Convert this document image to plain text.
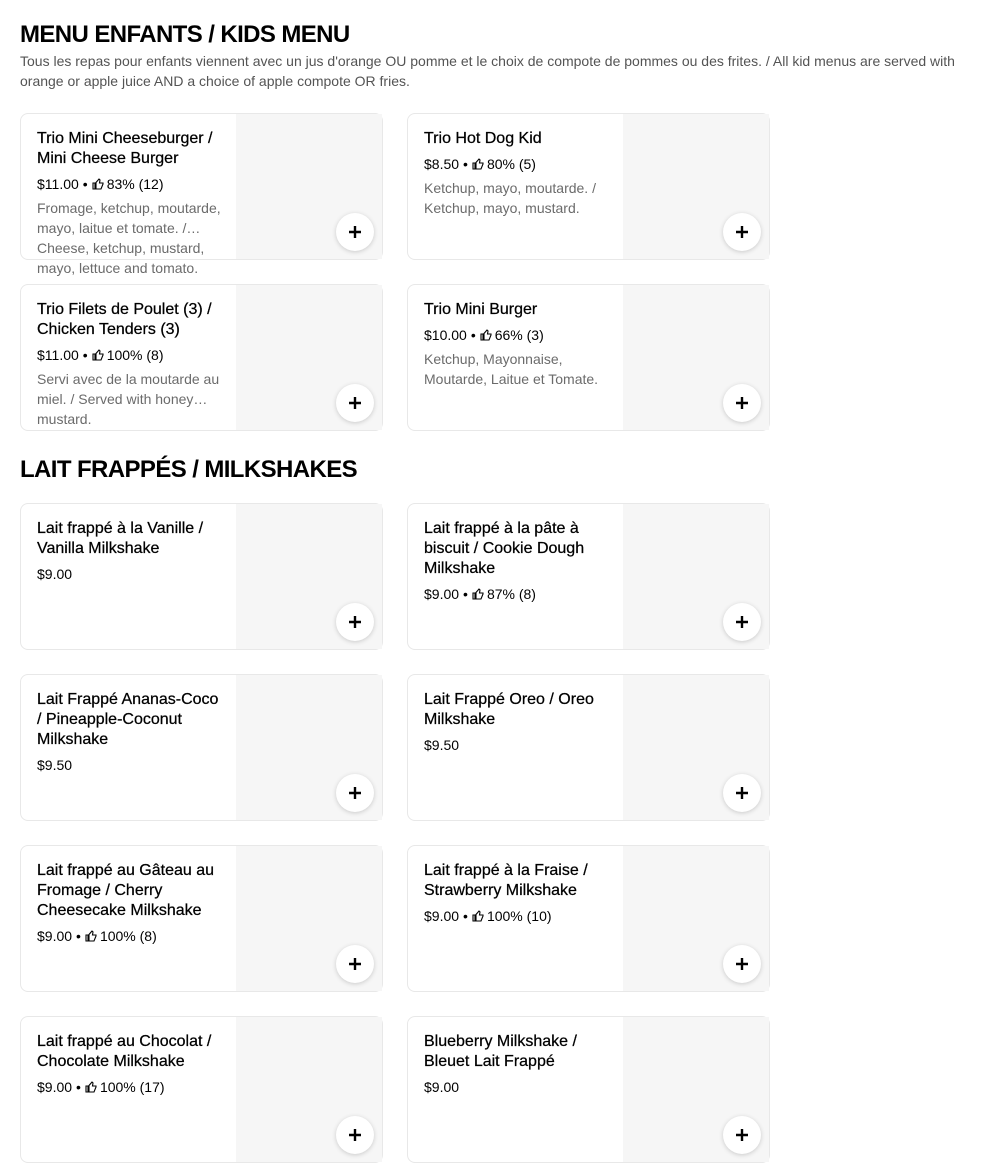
MENU ENFANTS / KIDS MENU
Tous les repas pour enfants viennent avec un jus d'orange OU pomme et le choix de compote de pommes ou des frites. / All kid menus are served with orange or apple juice AND a choice of apple compote OR fries.
Trio Mini Cheeseburger / Mini Cheese Burger
$11.00 • 83% (12)
Fromage, ketchup, moutarde, mayo, laitue et tomate. / Cheese, ketchup, mustard, mayo, lettuce and tomato.
Trio Hot Dog Kid
$8.50 • 80% (5)
Ketchup, mayo, moutarde. / Ketchup, mayo, mustard.
Trio Filets de Poulet (3) / Chicken Tenders (3)
$11.00 • 100% (8)
Servi avec de la moutarde au miel. / Served with honey mustard.
Trio Mini Burger
$10.00 • 66% (3)
Ketchup, Mayonnaise, Moutarde, Laitue et Tomate.
LAIT FRAPPÉS / MILKSHAKES
Lait frappé à la Vanille / Vanilla Milkshake
$9.00
Lait frappé à la pâte à biscuit / Cookie Dough Milkshake
$9.00 • 87% (8)
Lait Frappé Ananas-Coco / Pineapple-Coconut Milkshake
$9.50
Lait Frappé Oreo / Oreo Milkshake
$9.50
Lait frappé au Gâteau au Fromage / Cherry Cheesecake Milkshake
$9.00 • 100% (8)
Lait frappé à la Fraise / Strawberry Milkshake
$9.00 • 100% (10)
Lait frappé au Chocolat / Chocolate Milkshake
$9.00 • 100% (17)
Blueberry Milkshake / Bleuet Lait Frappé
$9.00
